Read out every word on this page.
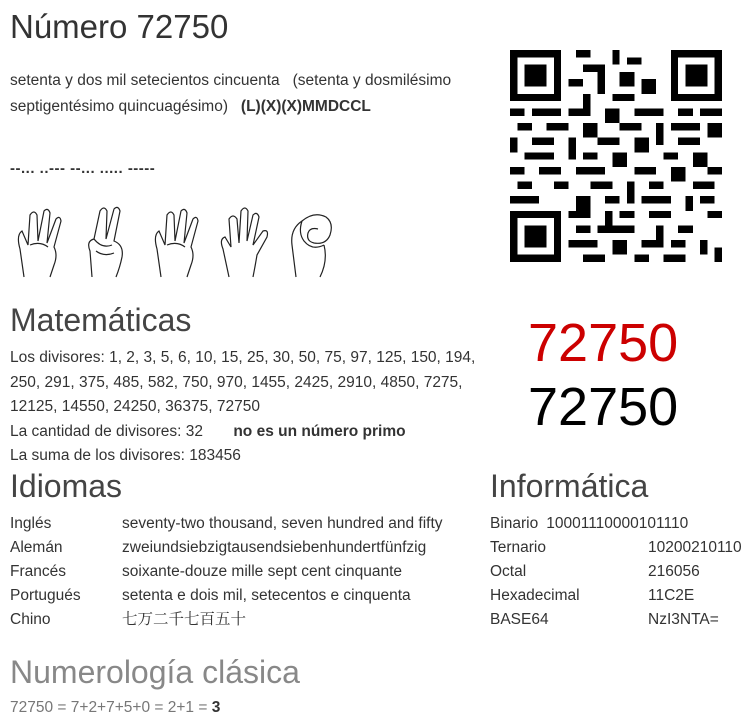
Número 72750
setenta y dos mil setecientos cincuenta (setenta y dosmilésimo septigentésimo quincuagésimo) (L)(X)(X)MMDCCL
--... ..--- --... ..... -----

Matemáticas
Los divisores: 1, 2, 3, 5, 6, 10, 15, 25, 30, 50, 75, 97, 125, 150, 194, 250, 291, 375, 485, 582, 750, 970, 1455, 2425, 2910, 4850, 7275, 12125, 14550, 24250, 36375, 72750
La cantidad de divisores: 32 no es un número primo
La suma de los divisores: 183456
72750
72750
Idiomas
Inglés	seventy-two thousand, seven hundred and fifty
Alemán	zweiundsiebzigtausendsiebenhundertfünfzig
Francés	soixante-douze mille sept cent cinquante
Portugués	setenta e dois mil, setecentos e cinquenta
Chino	七万二千七百五十
Informática
Binario 10001110000101110
Ternario	10200210110
Octal	216056
Hexadecimal	11C2E
BASE64	NzI3NTA=
Numerología clásica
72750 = 7+2+7+5+0 = 2+1 = 3
